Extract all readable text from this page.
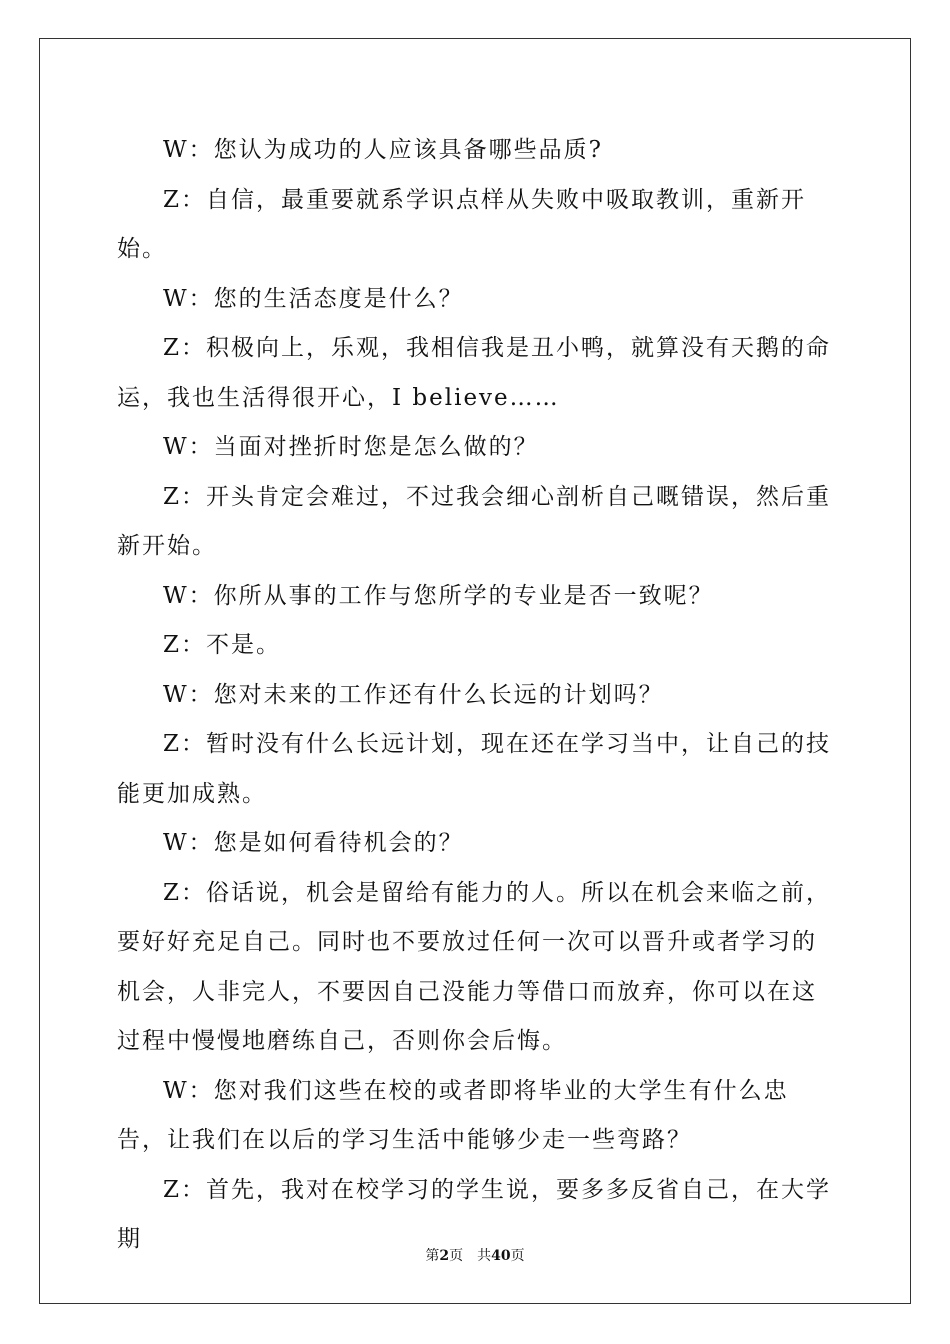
W：您认为成功的人应该具备哪些品质?

Z：自信，最重要就系学识点样从失败中吸取教训，重新开始。

W：您的生活态度是什么？

Z：积极向上，乐观，我相信我是丑小鸭，就算没有天鹅的命运，我也生活得很开心，I believe……

W：当面对挫折时您是怎么做的？

Z：开头肯定会难过，不过我会细心剖析自己嘅错误，然后重新开始。

W：你所从事的工作与您所学的专业是否一致呢？

Z：不是。

W：您对未来的工作还有什么长远的计划吗？

Z：暂时没有什么长远计划，现在还在学习当中，让自己的技能更加成熟。

W：您是如何看待机会的？

Z：俗话说，机会是留给有能力的人。所以在机会来临之前，要好好充足自己。同时也不要放过任何一次可以晋升或者学习的机会，人非完人，不要因自己没能力等借口而放弃，你可以在这过程中慢慢地磨练自己，否则你会后悔。

W：您对我们这些在校的或者即将毕业的大学生有什么忠告，让我们在以后的学习生活中能够少走一些弯路？

Z：首先，我对在校学习的学生说，要多多反省自己，在大学期

第2页 共40页
